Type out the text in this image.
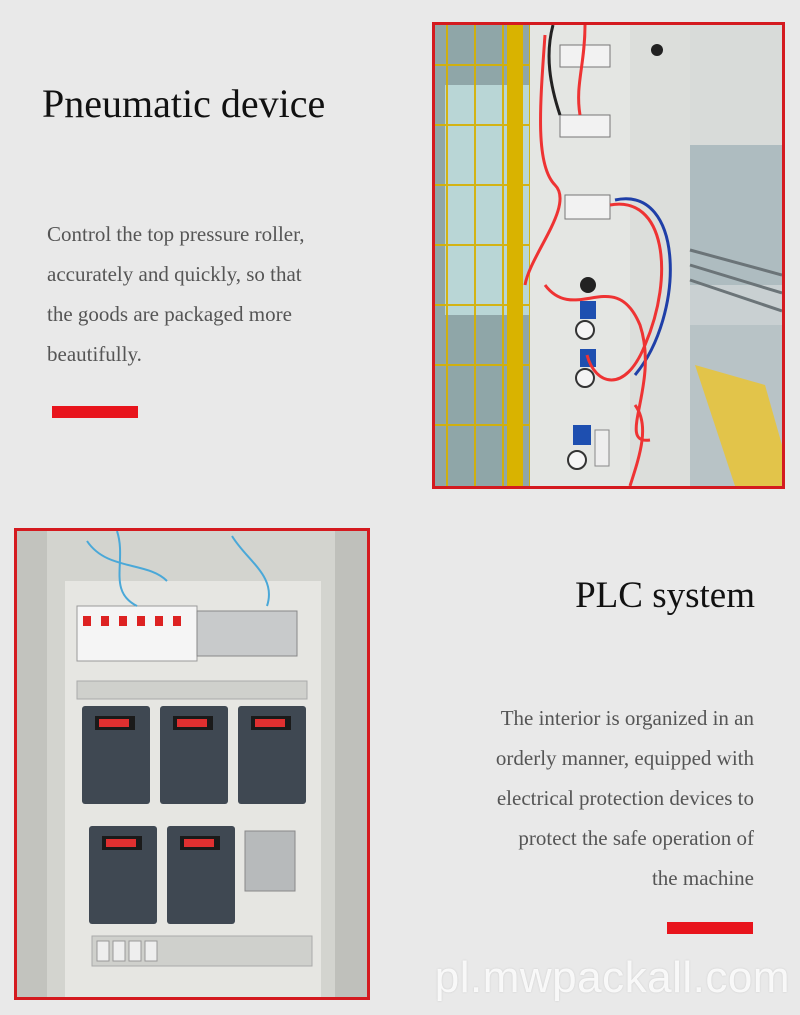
Pneumatic device

Control the top pressure roller,
accurately and quickly, so that
the goods are packaged more
beautifully.

PLC system

The interior is organized in an
orderly manner, equipped with
electrical protection devices to
protect the safe operation of
the machine

pl.mwpackall.com
